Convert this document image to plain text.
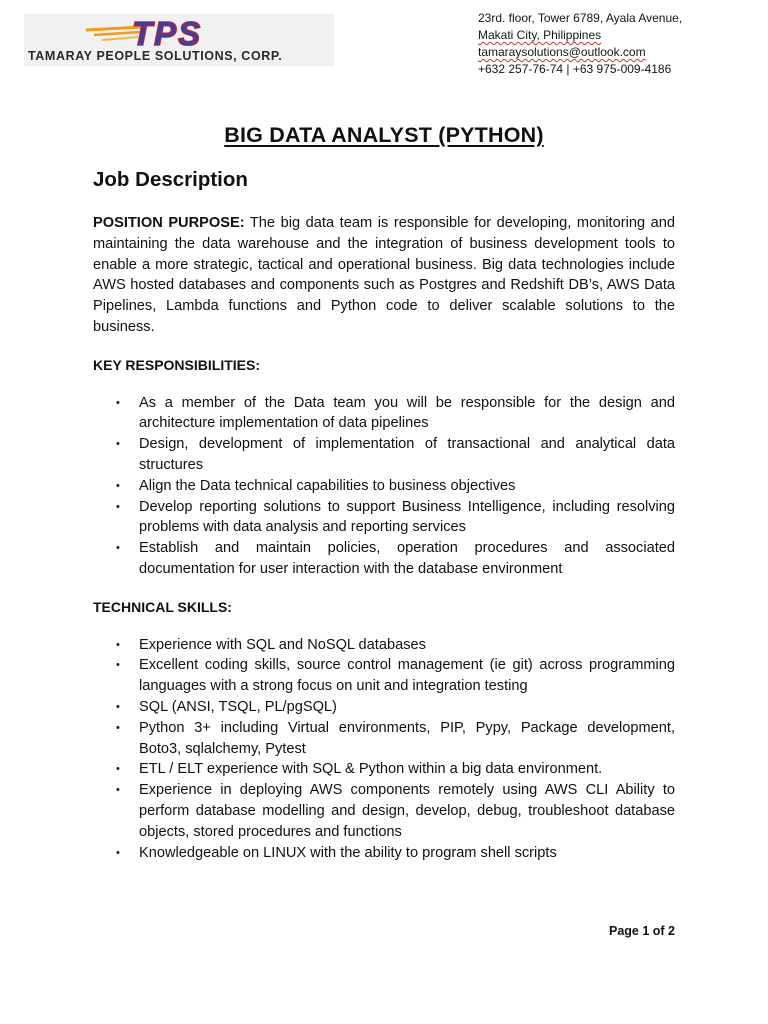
TPS
TAMARAY PEOPLE SOLUTIONS, CORP.
23rd. floor, Tower 6789, Ayala Avenue,
Makati City, Philippines
tamaraysolutions@outlook.com
+632 257-76-74 | +63 975-009-4186
BIG DATA ANALYST (PYTHON)
Job Description

POSITION PURPOSE: The big data team is responsible for developing, monitoring and maintaining the data warehouse and the integration of business development tools to enable a more strategic, tactical and operational business. Big data technologies include AWS hosted databases and components such as Postgres and Redshift DB’s, AWS Data Pipelines, Lambda functions and Python code to deliver scalable solutions to the business.

KEY RESPONSIBILITIES:
• As a member of the Data team you will be responsible for the design and architecture implementation of data pipelines
• Design, development of implementation of transactional and analytical data structures
• Align the Data technical capabilities to business objectives
• Develop reporting solutions to support Business Intelligence, including resolving problems with data analysis and reporting services
• Establish and maintain policies, operation procedures and associated documentation for user interaction with the database environment
TECHNICAL SKILLS:
• Experience with SQL and NoSQL databases
• Excellent coding skills, source control management (ie git) across programming languages with a strong focus on unit and integration testing
• SQL (ANSI, TSQL, PL/pgSQL)
• Python 3+ including Virtual environments, PIP, Pypy, Package development, Boto3, sqlalchemy, Pytest
• ETL / ELT experience with SQL & Python within a big data environment.
• Experience in deploying AWS components remotely using AWS CLI Ability to perform database modelling and design, develop, debug, troubleshoot database objects, stored procedures and functions
• Knowledgeable on LINUX with the ability to program shell scripts
Page 1 of 2
